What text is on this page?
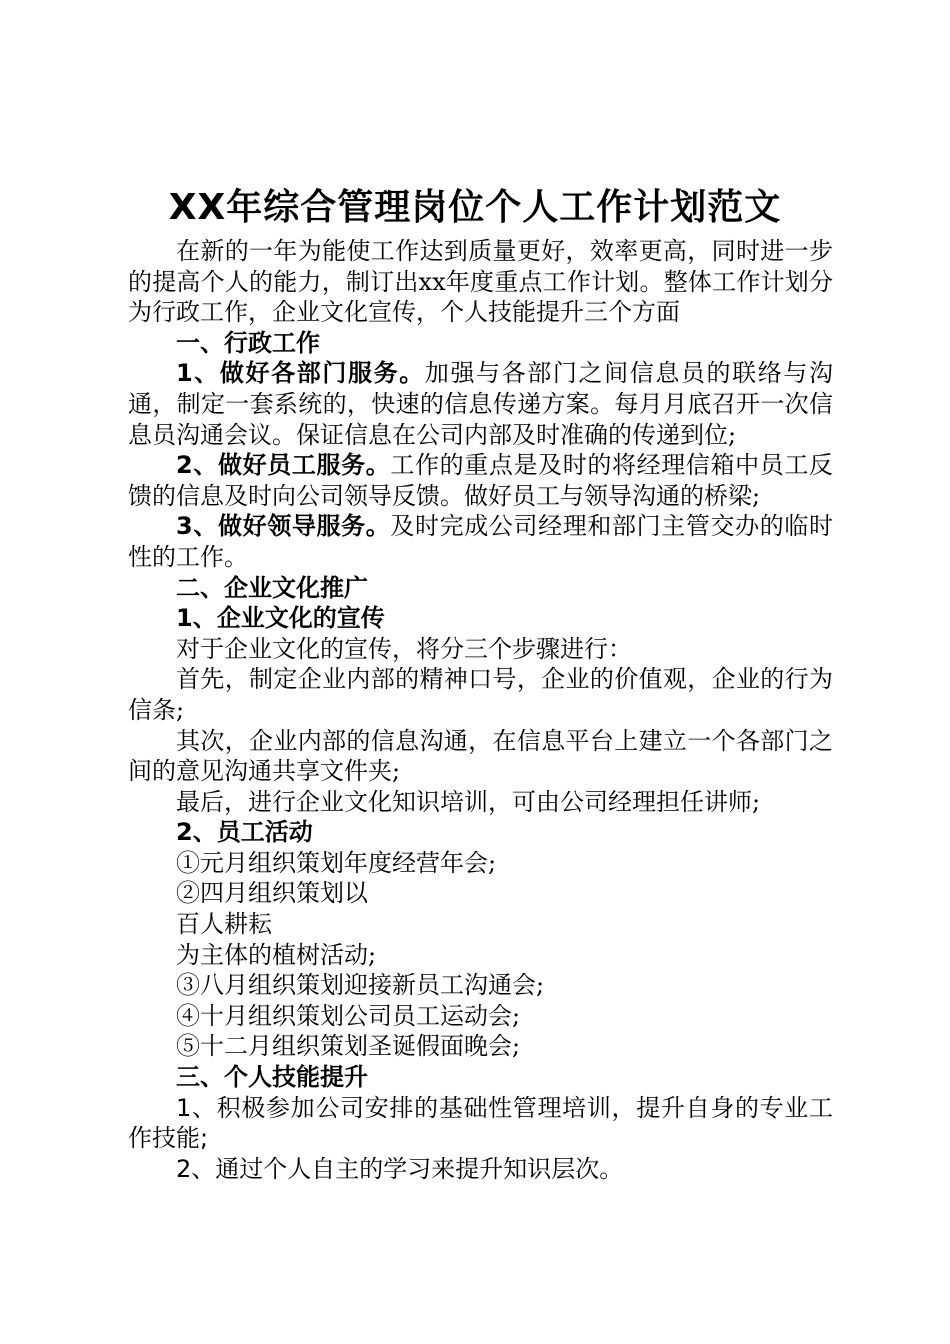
XX年综合管理岗位个人工作计划范文

在新的一年为能使工作达到质量更好，效率更高，同时进一步的提高个人的能力，制订出xx年度重点工作计划。整体工作计划分为行政工作，企业文化宣传，个人技能提升三个方面

一、行政工作

1、做好各部门服务。加强与各部门之间信息员的联络与沟通，制定一套系统的，快速的信息传递方案。每月月底召开一次信息员沟通会议。保证信息在公司内部及时准确的传递到位;

2、做好员工服务。工作的重点是及时的将经理信箱中员工反馈的信息及时向公司领导反馈。做好员工与领导沟通的桥梁;

3、做好领导服务。及时完成公司经理和部门主管交办的临时性的工作。

二、企业文化推广

1、企业文化的宣传

对于企业文化的宣传，将分三个步骤进行：

首先，制定企业内部的精神口号，企业的价值观，企业的行为信条;

其次，企业内部的信息沟通，在信息平台上建立一个各部门之间的意见沟通共享文件夹;

最后，进行企业文化知识培训，可由公司经理担任讲师;

2、员工活动

①元月组织策划年度经营年会;

②四月组织策划以

百人耕耘

为主体的植树活动;

③八月组织策划迎接新员工沟通会;

④十月组织策划公司员工运动会;

⑤十二月组织策划圣诞假面晚会;

三、个人技能提升

1、积极参加公司安排的基础性管理培训，提升自身的专业工作技能;

2、通过个人自主的学习来提升知识层次。
